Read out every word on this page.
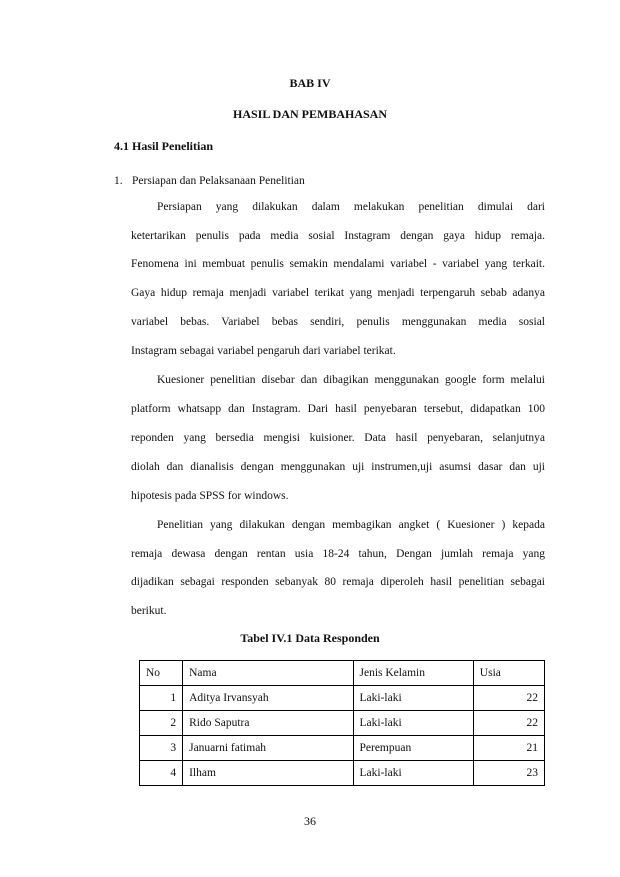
BAB IV
HASIL DAN PEMBAHASAN
4.1 Hasil Penelitian
1. Persiapan dan Pelaksanaan Penelitian
Persiapan yang dilakukan dalam melakukan penelitian dimulai dari
ketertarikan penulis pada media sosial Instagram dengan gaya hidup remaja.
Fenomena ini membuat penulis semakin mendalami variabel - variabel yang terkait.
Gaya hidup remaja menjadi variabel terikat yang menjadi terpengaruh sebab adanya
variabel bebas. Variabel bebas sendiri, penulis menggunakan media sosial
Instagram sebagai variabel pengaruh dari variabel terikat.
Kuesioner penelitian disebar dan dibagikan menggunakan google form melalui
platform whatsapp dan Instagram. Dari hasil penyebaran tersebut, didapatkan 100
reponden yang bersedia mengisi kuisioner. Data hasil penyebaran, selanjutnya
diolah dan dianalisis dengan menggunakan uji instrumen,uji asumsi dasar dan uji
hipotesis pada SPSS for windows.
Penelitian yang dilakukan dengan membagikan angket ( Kuesioner ) kepada
remaja dewasa dengan rentan usia 18-24 tahun, Dengan jumlah remaja yang
dijadikan sebagai responden sebanyak 80 remaja diperoleh hasil penelitian sebagai
berikut.
Tabel IV.1 Data Responden
No	Nama	Jenis Kelamin	Usia
1	Aditya Irvansyah	Laki-laki	22
2	Rido Saputra	Laki-laki	22
3	Januarni fatimah	Perempuan	21
4	Ilham	Laki-laki	23
36
